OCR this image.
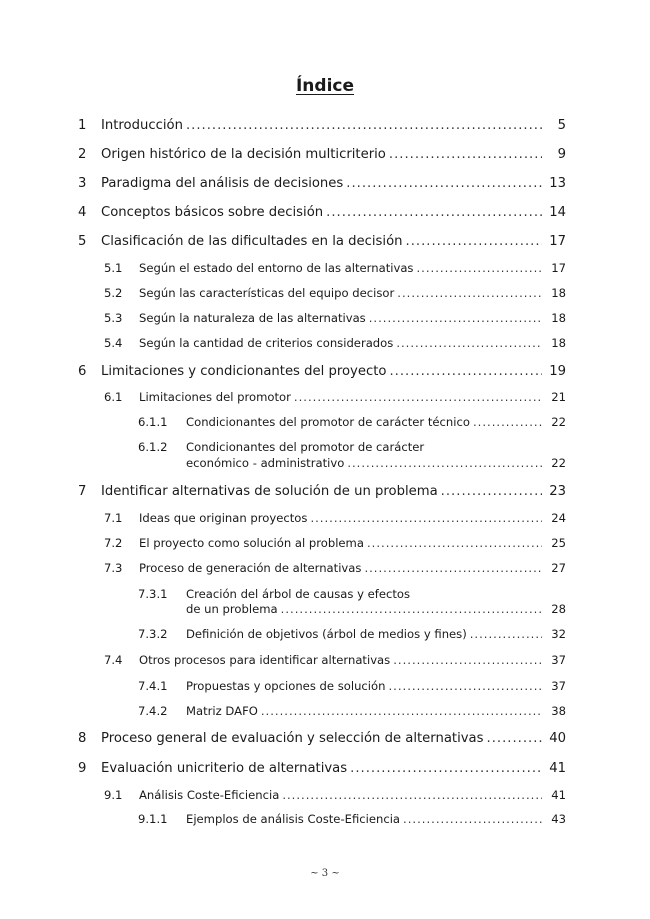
Índice
1 Introducción .....	5
2 Origen histórico de la decisión multicriterio .....	9
3 Paradigma del análisis de decisiones .....	13
4 Conceptos básicos sobre decisión .....	14
5 Clasificación de las dificultades en la decisión .....	17
5.1 Según el estado del entorno de las alternativas .....	17
5.2 Según las características del equipo decisor .....	18
5.3 Según la naturaleza de las alternativas .....	18
5.4 Según la cantidad de criterios considerados .....	18
6 Limitaciones y condicionantes del proyecto .....	19
6.1 Limitaciones del promotor .....	21
6.1.1 Condicionantes del promotor de carácter técnico .....	22
6.1.2 Condicionantes del promotor de carácter
económico - administrativo .....	22
7 Identificar alternativas de solución de un problema .....	23
7.1 Ideas que originan proyectos .....	24
7.2 El proyecto como solución al problema .....	25
7.3 Proceso de generación de alternativas .....	27
7.3.1 Creación del árbol de causas y efectos
de un problema .....	28
7.3.2 Definición de objetivos (árbol de medios y fines) .....	32
7.4 Otros procesos para identificar alternativas .....	37
7.4.1 Propuestas y opciones de solución .....	37
7.4.2 Matriz DAFO .....	38
8 Proceso general de evaluación y selección de alternativas .....	40
9 Evaluación unicriterio de alternativas .....	41
9.1 Análisis Coste-Eficiencia .....	41
9.1.1 Ejemplos de análisis Coste-Eficiencia .....	43
~ 3 ~
